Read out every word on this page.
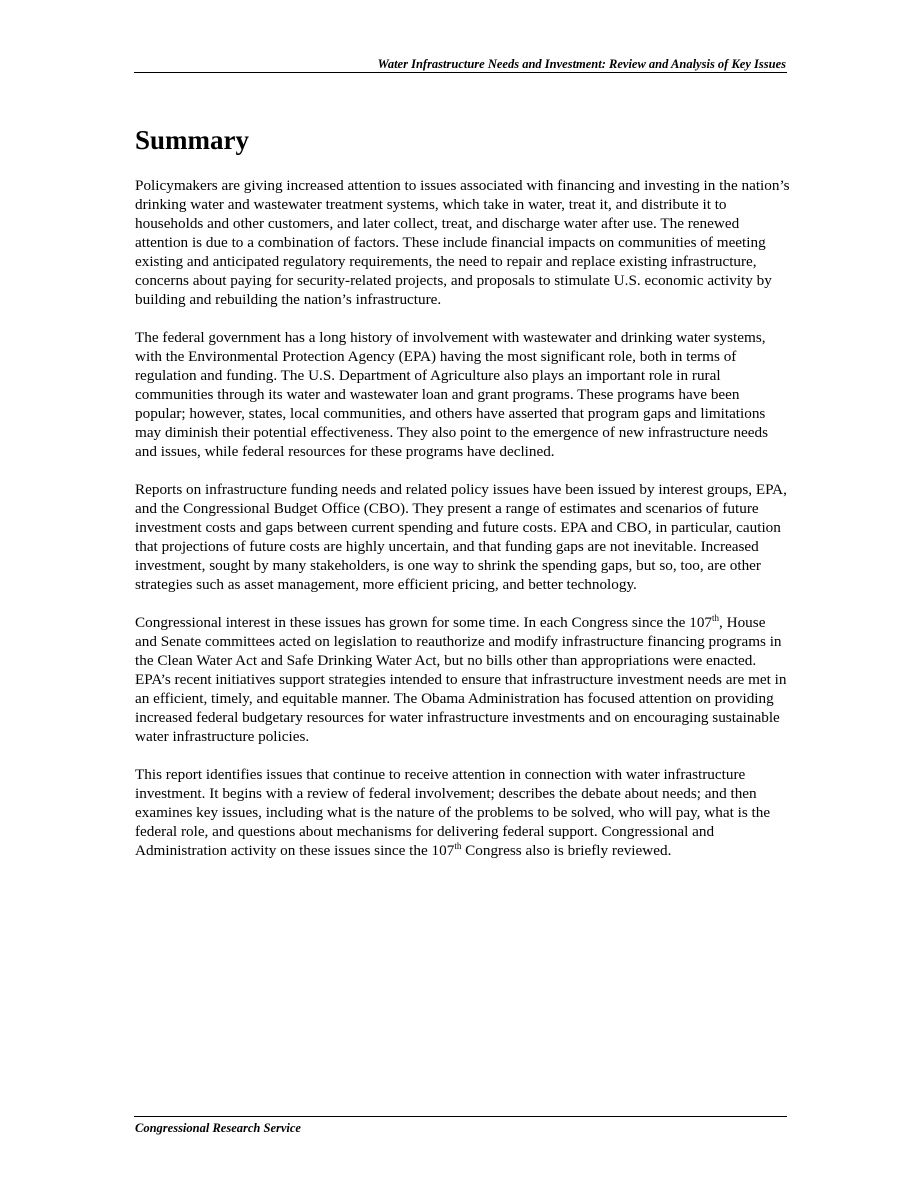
Water Infrastructure Needs and Investment: Review and Analysis of Key Issues
Summary

Policymakers are giving increased attention to issues associated with financing and investing in the nation’s drinking water and wastewater treatment systems, which take in water, treat it, and distribute it to households and other customers, and later collect, treat, and discharge water after use. The renewed attention is due to a combination of factors. These include financial impacts on communities of meeting existing and anticipated regulatory requirements, the need to repair and replace existing infrastructure, concerns about paying for security-related projects, and proposals to stimulate U.S. economic activity by building and rebuilding the nation’s infrastructure.

The federal government has a long history of involvement with wastewater and drinking water systems, with the Environmental Protection Agency (EPA) having the most significant role, both in terms of regulation and funding. The U.S. Department of Agriculture also plays an important role in rural communities through its water and wastewater loan and grant programs. These programs have been popular; however, states, local communities, and others have asserted that program gaps and limitations may diminish their potential effectiveness. They also point to the emergence of new infrastructure needs and issues, while federal resources for these programs have declined.

Reports on infrastructure funding needs and related policy issues have been issued by interest groups, EPA, and the Congressional Budget Office (CBO). They present a range of estimates and scenarios of future investment costs and gaps between current spending and future costs. EPA and CBO, in particular, caution that projections of future costs are highly uncertain, and that funding gaps are not inevitable. Increased investment, sought by many stakeholders, is one way to shrink the spending gaps, but so, too, are other strategies such as asset management, more efficient pricing, and better technology.

Congressional interest in these issues has grown for some time. In each Congress since the 107th, House and Senate committees acted on legislation to reauthorize and modify infrastructure financing programs in the Clean Water Act and Safe Drinking Water Act, but no bills other than appropriations were enacted. EPA’s recent initiatives support strategies intended to ensure that infrastructure investment needs are met in an efficient, timely, and equitable manner. The Obama Administration has focused attention on providing increased federal budgetary resources for water infrastructure investments and on encouraging sustainable water infrastructure policies.

This report identifies issues that continue to receive attention in connection with water infrastructure investment. It begins with a review of federal involvement; describes the debate about needs; and then examines key issues, including what is the nature of the problems to be solved, who will pay, what is the federal role, and questions about mechanisms for delivering federal support. Congressional and Administration activity on these issues since the 107th Congress also is briefly reviewed.

Congressional Research Service
